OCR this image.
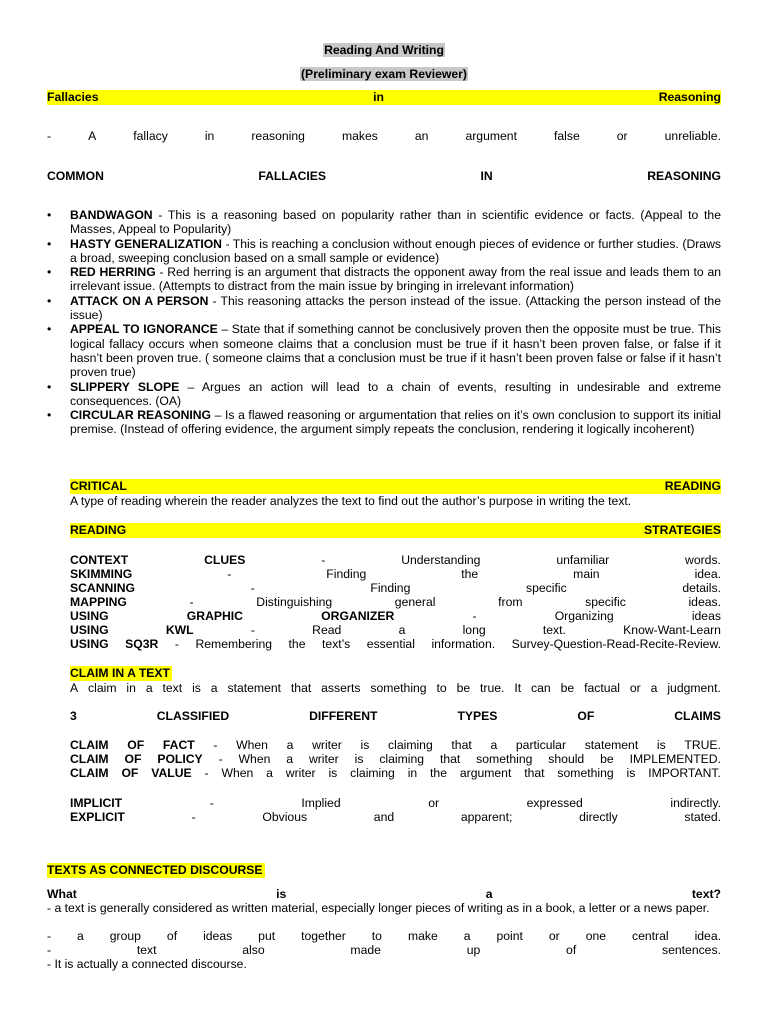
Reading And Writing
(Preliminary exam Reviewer)
Fallacies	in	Reasoning
-	A	fallacy	in	reasoning	makes	an	argument	false	or	unreliable.
COMMON	FALLACIES	IN	REASONING
• BANDWAGON - This is a reasoning based on popularity rather than in scientific evidence or facts. (Appeal to the Masses, Appeal to Popularity)
• HASTY GENERALIZATION - This is reaching a conclusion without enough pieces of evidence or further studies. (Draws a broad, sweeping conclusion based on a small sample or evidence)
• RED HERRING - Red herring is an argument that distracts the opponent away from the real issue and leads them to an irrelevant issue. (Attempts to distract from the main issue by bringing in irrelevant information)
• ATTACK ON A PERSON - This reasoning attacks the person instead of the issue. (Attacking the person instead of the issue)
• APPEAL TO IGNORANCE – State that if something cannot be conclusively proven then the opposite must be true. This logical fallacy occurs when someone claims that a conclusion must be true if it hasn’t been proven false, or false if it hasn’t been proven true. ( someone claims that a conclusion must be true if it hasn’t been proven false or false if it hasn’t proven true)
• SLIPPERY SLOPE – Argues an action will lead to a chain of events, resulting in undesirable and extreme consequences. (OA)
• CIRCULAR REASONING – Is a flawed reasoning or argumentation that relies on it’s own conclusion to support its initial premise. (Instead of offering evidence, the argument simply repeats the conclusion, rendering it logically incoherent)
CRITICAL	READING
A type of reading wherein the reader analyzes the text to find out the author’s purpose in writing the text.
READING	STRATEGIES
CONTEXT	CLUES	-	Understanding	unfamiliar	words.
SKIMMING	-	Finding	the	main	idea.
SCANNING	-	Finding	specific	details.
MAPPING	-	Distinguishing	general	from	specific	ideas.
USING	GRAPHIC	ORGANIZER	-	Organizing	ideas
USING	KWL	-	Read	a	long	text.	Know-Want-Learn
USING SQ3R - Remembering the text’s essential information. Survey-Question-Read-Recite-Review.
CLAIM IN A TEXT
A claim in a text is a statement that asserts something to be true. It can be factual or a judgment.
3	CLASSIFIED	DIFFERENT	TYPES	OF	CLAIMS
CLAIM OF FACT - When a writer is claiming that a particular statement is TRUE.
CLAIM OF POLICY - When a writer is claiming that something should be IMPLEMENTED.
CLAIM OF VALUE - When a writer is claiming in the argument that something is IMPORTANT.
IMPLICIT	-	Implied	or	expressed	indirectly.
EXPLICIT	-	Obvious	and	apparent;	directly	stated.
TEXTS AS CONNECTED DISCOURSE
What	is	a	text?
- a text is generally considered as written material, especially longer pieces of writing as in a book, a letter or a news paper.
- a group of ideas put together to make a point or one central idea.
-	text	also	made	up	of	sentences.
- It is actually a connected discourse.
